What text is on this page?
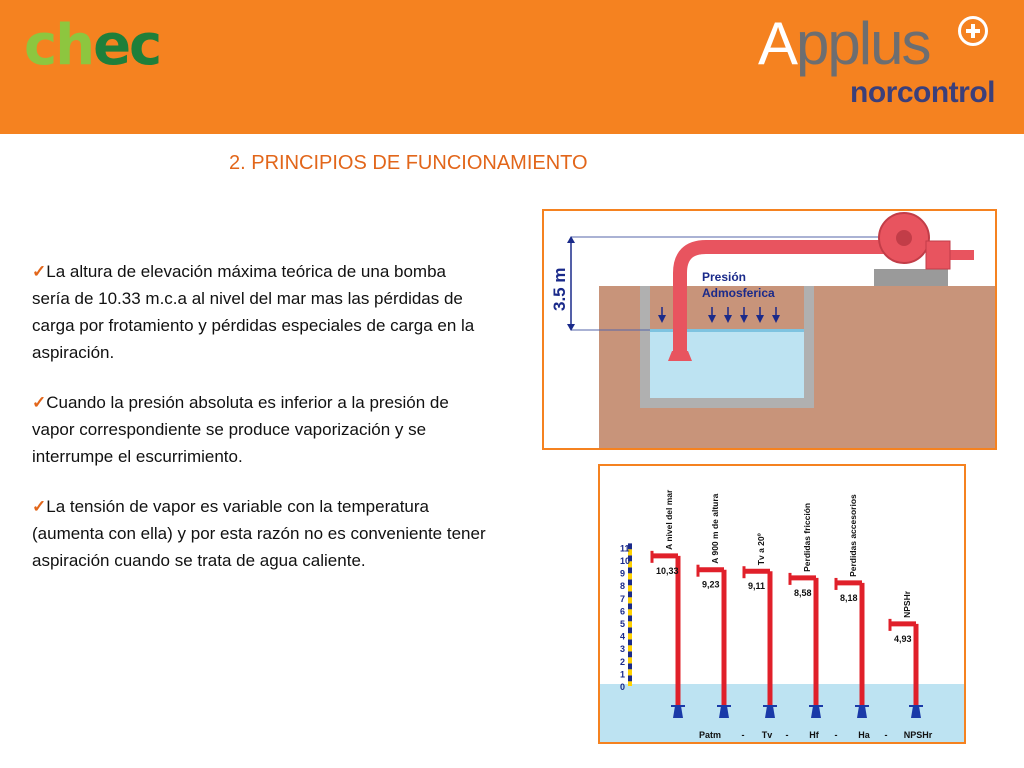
chec	Applus
norcontrol
2. PRINCIPIOS DE FUNCIONAMIENTO
✓La altura de elevación máxima teórica de una bomba sería de 10.33 m.c.a al nivel del mar mas las pérdidas de carga por frotamiento y pérdidas especiales de carga en la aspiración.
✓Cuando la presión absoluta es inferior a la presión de vapor correspondiente se produce vaporización y se interrumpe el escurrimiento.
✓La tensión de vapor es variable con la temperatura (aumenta con ella) y por esta razón no es conveniente tener aspiración cuando se trata de agua caliente.
3.5 m	Presión
Admosferica
11
10
9
8
7
6
5
4
3
2
1
0
10,33
A nivel del mar
9,23
A 900 m de altura
9,11
Tv a 20º
8,58
Perdidas fricción
8,18
Perdidas accesorios
4,93
NPSHr
Patm - Tv - Hf - Ha - NPSHr
